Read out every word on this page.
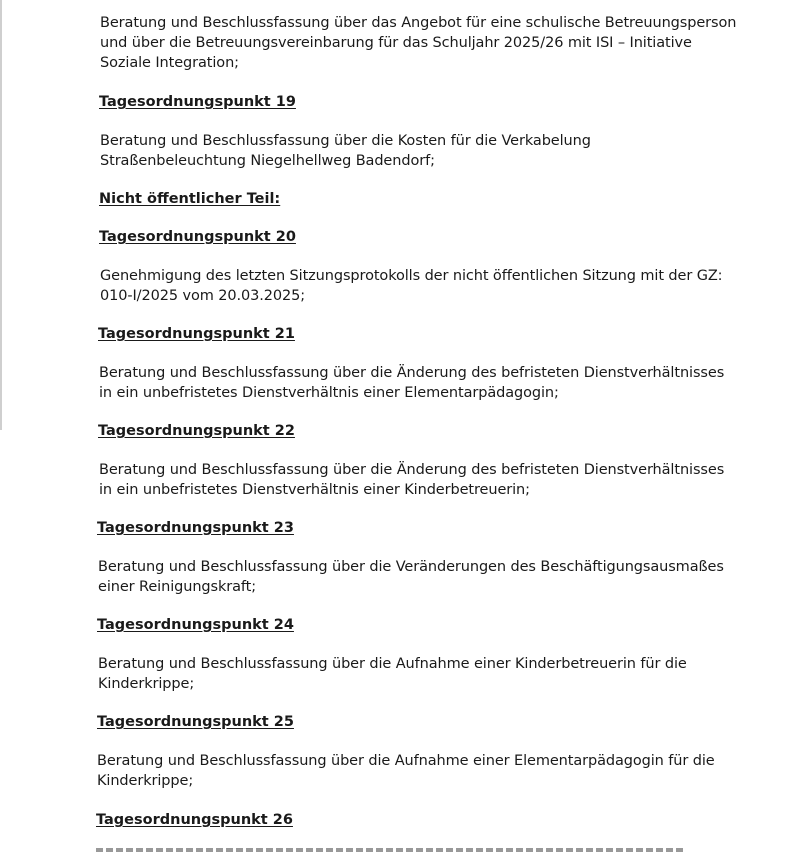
Beratung und Beschlussfassung über das Angebot für eine schulische Betreuungsperson
und über die Betreuungsvereinbarung für das Schuljahr 2025/26 mit ISI – Initiative
Soziale Integration;
Tagesordnungspunkt 19
Beratung und Beschlussfassung über die Kosten für die Verkabelung
Straßenbeleuchtung Niegelhellweg Badendorf;
Nicht öffentlicher Teil:
Tagesordnungspunkt 20
Genehmigung des letzten Sitzungsprotokolls der nicht öffentlichen Sitzung mit der GZ:
010-I/2025 vom 20.03.2025;
Tagesordnungspunkt 21
Beratung und Beschlussfassung über die Änderung des befristeten Dienstverhältnisses
in ein unbefristetes Dienstverhältnis einer Elementarpädagogin;
Tagesordnungspunkt 22
Beratung und Beschlussfassung über die Änderung des befristeten Dienstverhältnisses
in ein unbefristetes Dienstverhältnis einer Kinderbetreuerin;
Tagesordnungspunkt 23
Beratung und Beschlussfassung über die Veränderungen des Beschäftigungsausmaßes
einer Reinigungskraft;
Tagesordnungspunkt 24
Beratung und Beschlussfassung über die Aufnahme einer Kinderbetreuerin für die
Kinderkrippe;
Tagesordnungspunkt 25
Beratung und Beschlussfassung über die Aufnahme einer Elementarpädagogin für die
Kinderkrippe;
Tagesordnungspunkt 26
